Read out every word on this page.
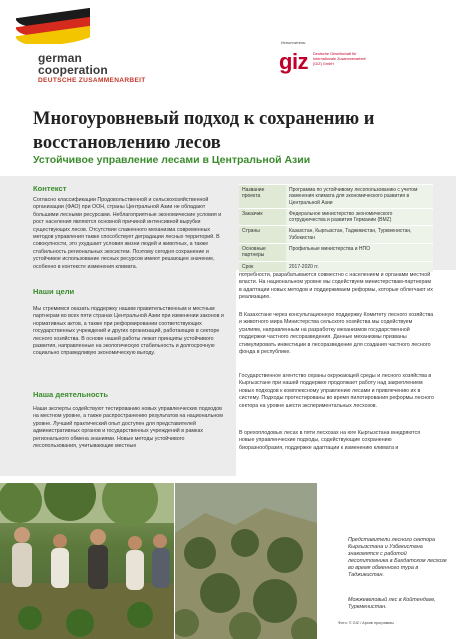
german
cooperation
DEUTSCHE ZUSAMMENARBEIT
Исполнитель:
giz Deutsche Gesellschaft für Internationale Zusammenarbeit (GIZ) GmbH
Многоуровневый подход к сохранению и восстановлению лесов
Устойчивое управление лесами в Центральной Азии
Контекст
Согласно классификации Продовольственной и сельскохозяйственной организации (ФАО) при ООН, страны Центральной Азии не обладают большими лесными ресурсами. Неблагоприятные экономические условия и рост населения являются основной причиной интенсивной вырубки существующих лесов. Отсутствие слаженного механизма современных методов управления также способствует деградации лесных территорий. В совокупности, это ухудшает условия жизни людей и животных, а также стабильность региональных экосистем. Поэтому сегодня сохранение и устойчивое использование лесных ресурсов имеют решающее значение, особенно в контексте изменения климата.
Наши цели
Мы стремимся оказать поддержку нашим правительственным и местным партнерам во всех пяти странах Центральной Азии при изменении законов и нормативных актов, а также при реформировании соответствующих государственных учреждений и других организаций, работающих в секторе лесного хозяйства. В основе нашей работы лежат принципы устойчивого развития, направленные на экологическую стабильность и долгосрочную социально справедливую экономическую выгоду.
Наша деятельность
Наши эксперты содействуют тестированию новых управленческих подходов на местном уровне, а также распространению результатов на национальном уровне. Лучший практический опыт доступен для представителей административных органов и государственных учреждений в рамках регионального обмена знаниями. Новые методы устойчивого лесопользования, учитывающие местные
Название проекта	Программа по устойчивому лесопользованию с учетом изменения климата для экономического развития в Центральной Азии
Заказчик	Федеральное министерство экономического сотрудничества и развития Германии (BMZ)
Страны	Казахстан, Кыргызстан, Таджикистан, Туркменистан, Узбекистан
Основные партнеры	Профильные министерства и НПО
Срок	2017-2020 гг.
потребности, разрабатываются совместно с населением и органами местной власти. На национальном уровне мы содействуем министерствам-партнерам в адаптации новых методов и поддерживаем реформы, которые облегчают их реализацию.
В Казахстане через консультационную поддержку Комитету лесного хозяйства и животного мира Министерства сельского хозяйства мы содействуем усилиям, направленным на разработку механизмов государственной поддержки частного лесоразведения. Данные механизмы призваны стимулировать инвестиции в лесоразведение для создания частного лесного фонда в республике.
Государственное агентство охраны окружающей среды и лесного хозяйства в Кыргызстане при нашей поддержке продолжает работу над закреплением новых подходов к комплексному управлению лесами и привлечению их в систему. Подходы протестированы во время пилотирования реформы лесного сектора на уровне шести экспериментальных лесхозов.
В орехоплодовых лесах в пяти лесхозах на юге Кыргызстана внедряются новые управленческие подходы, содействующие сохранению биоразнообразия, поддержке адаптации к изменению климата и
Представители лесного сектора Кыргызстана и Узбекистана знакомятся с работой лесопитомника в Бахдатском лесхозе во время обменного тура в Таджикистан.
Можжевеловый лес в Койтендаге, Туркменистан.
Фото: © GIZ / Архив программы
